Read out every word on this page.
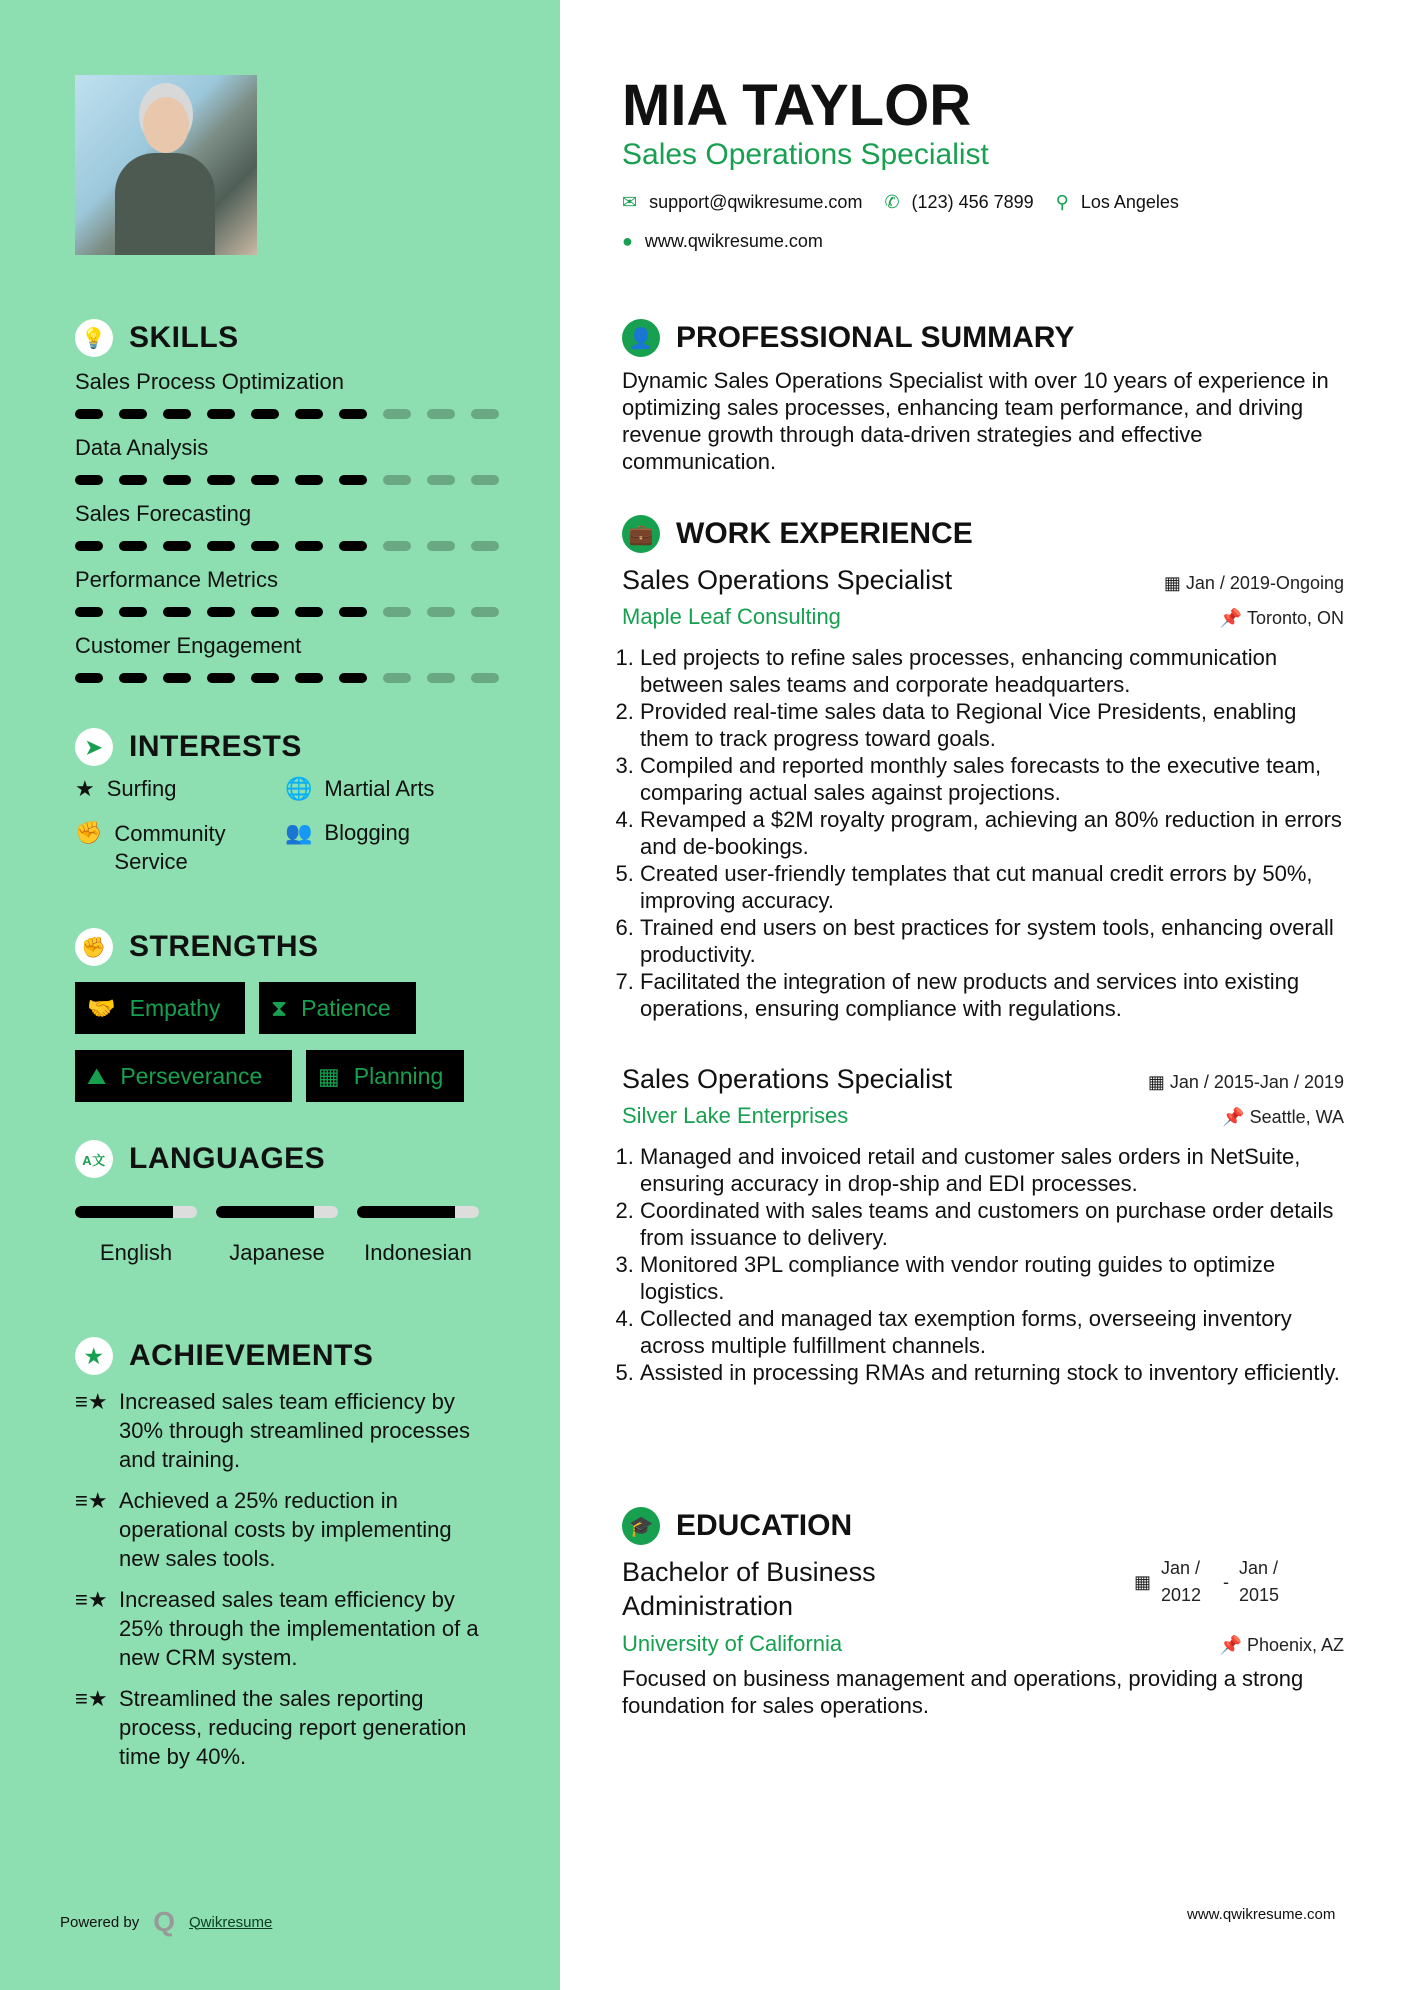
💡 SKILLS
Sales Process Optimization
Data Analysis
Sales Forecasting
Performance Metrics
Customer Engagement
➤ INTERESTS
★ Surfing	🌐 Martial Arts
✊ Community Service
👥 Blogging
✊ STRENGTHS
🤝 Empathy ⧗ Patience
⛰ Perseverance ▦ Planning
A文 LANGUAGES
English	Japanese	Indonesian
★ ACHIEVEMENTS
≡★ Increased sales team efficiency by 30% through streamlined processes and training.
≡★ Achieved a 25% reduction in operational costs by implementing new sales tools.
≡★ Increased sales team efficiency by 25% through the implementation of a new CRM system.
≡★ Streamlined the sales reporting process, reducing report generation time by 40%.
Powered by Q Qwikresume	www.qwikresume.com
MIA TAYLOR
Sales Operations Specialist
✉ support@qwikresume.com ✆ (123) 456 7899 ⚲ Los Angeles
● www.qwikresume.com
👤 PROFESSIONAL SUMMARY

Dynamic Sales Operations Specialist with over 10 years of experience in optimizing sales processes, enhancing team performance, and driving revenue growth through data-driven strategies and effective communication.

💼 WORK EXPERIENCE
Sales Operations Specialist	▦ Jan / 2019-Ongoing
Maple Leaf Consulting	📌 Toronto, ON
1. Led projects to refine sales processes, enhancing communication between sales teams and corporate headquarters.
2. Provided real-time sales data to Regional Vice Presidents, enabling them to track progress toward goals.
3. Compiled and reported monthly sales forecasts to the executive team, comparing actual sales against projections.
4. Revamped a $2M royalty program, achieving an 80% reduction in errors and de-bookings.
5. Created user-friendly templates that cut manual credit errors by 50%, improving accuracy.
6. Trained end users on best practices for system tools, enhancing overall productivity.
7. Facilitated the integration of new products and services into existing operations, ensuring compliance with regulations.
Sales Operations Specialist	▦ Jan / 2015-Jan / 2019
Silver Lake Enterprises	📌 Seattle, WA
1. Managed and invoiced retail and customer sales orders in NetSuite, ensuring accuracy in drop-ship and EDI processes.
2. Coordinated with sales teams and customers on purchase order details from issuance to delivery.
3. Monitored 3PL compliance with vendor routing guides to optimize logistics.
4. Collected and managed tax exemption forms, overseeing inventory across multiple fulfillment channels.
5. Assisted in processing RMAs and returning stock to inventory efficiently.
🎓 EDUCATION
Bachelor of Business Administration
▦
Jan / 2012
-
Jan / 2015
University of California	📌 Phoenix, AZ

Focused on business management and operations, providing a strong foundation for sales operations.
